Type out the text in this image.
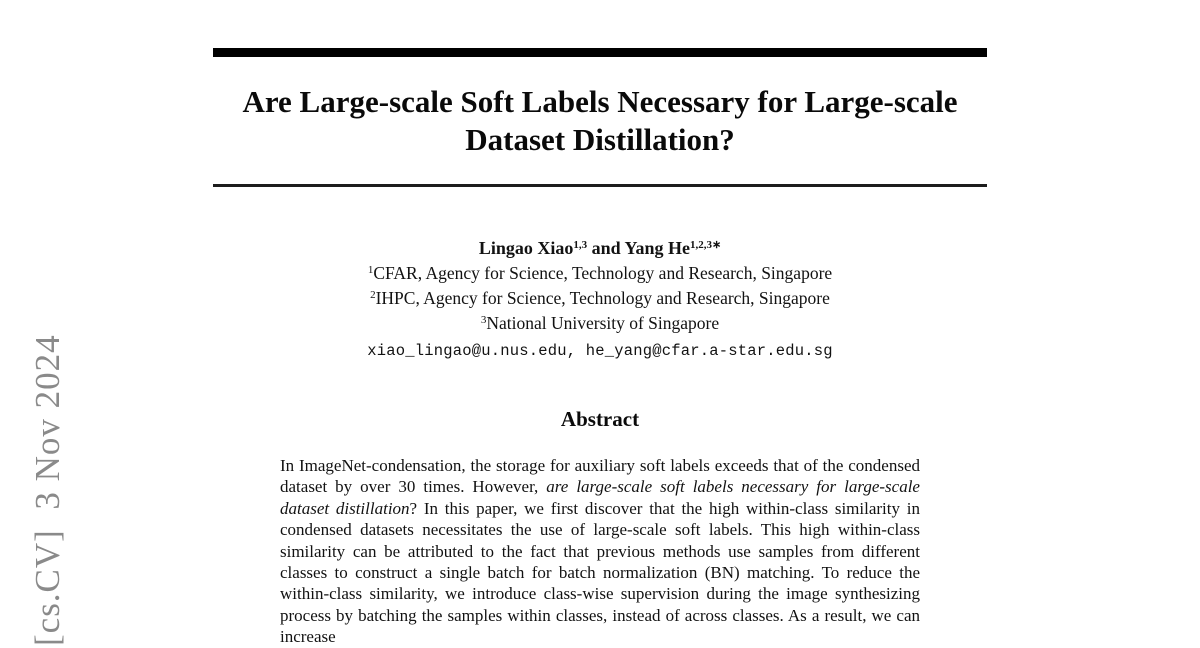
[cs.CV]  3 Nov 2024
Are Large-scale Soft Labels Necessary for Large-scale
Dataset Distillation?
Lingao Xiao$^{1,3}$ and Yang $He^{1,2,3∗}$
$^1$CFAR, Agency for Science, Technology and Research, Singapore
$^2$IHPC, Agency for Science, Technology and Research, Singapore
$^3$National University of Singapore
xiao_lingao@u.nus.edu, he_yang@cfar.a-star.edu.sg
Abstract
In ImageNet-condensation, the storage for auxiliary soft labels exceeds that of the condensed dataset by over 30 times. However, are large-scale soft labels necessary for large-scale dataset distillation? In this paper, we first discover that the high within-class similarity in condensed datasets necessitates the use of large-scale soft labels. This high within-class similarity can be attributed to the fact that previous methods use samples from different classes to construct a single batch for batch normalization (BN) matching. To reduce the within-class similarity, we introduce class-wise supervision during the image synthesizing process by batching the samples within classes, instead of across classes. As a result, we can increase
